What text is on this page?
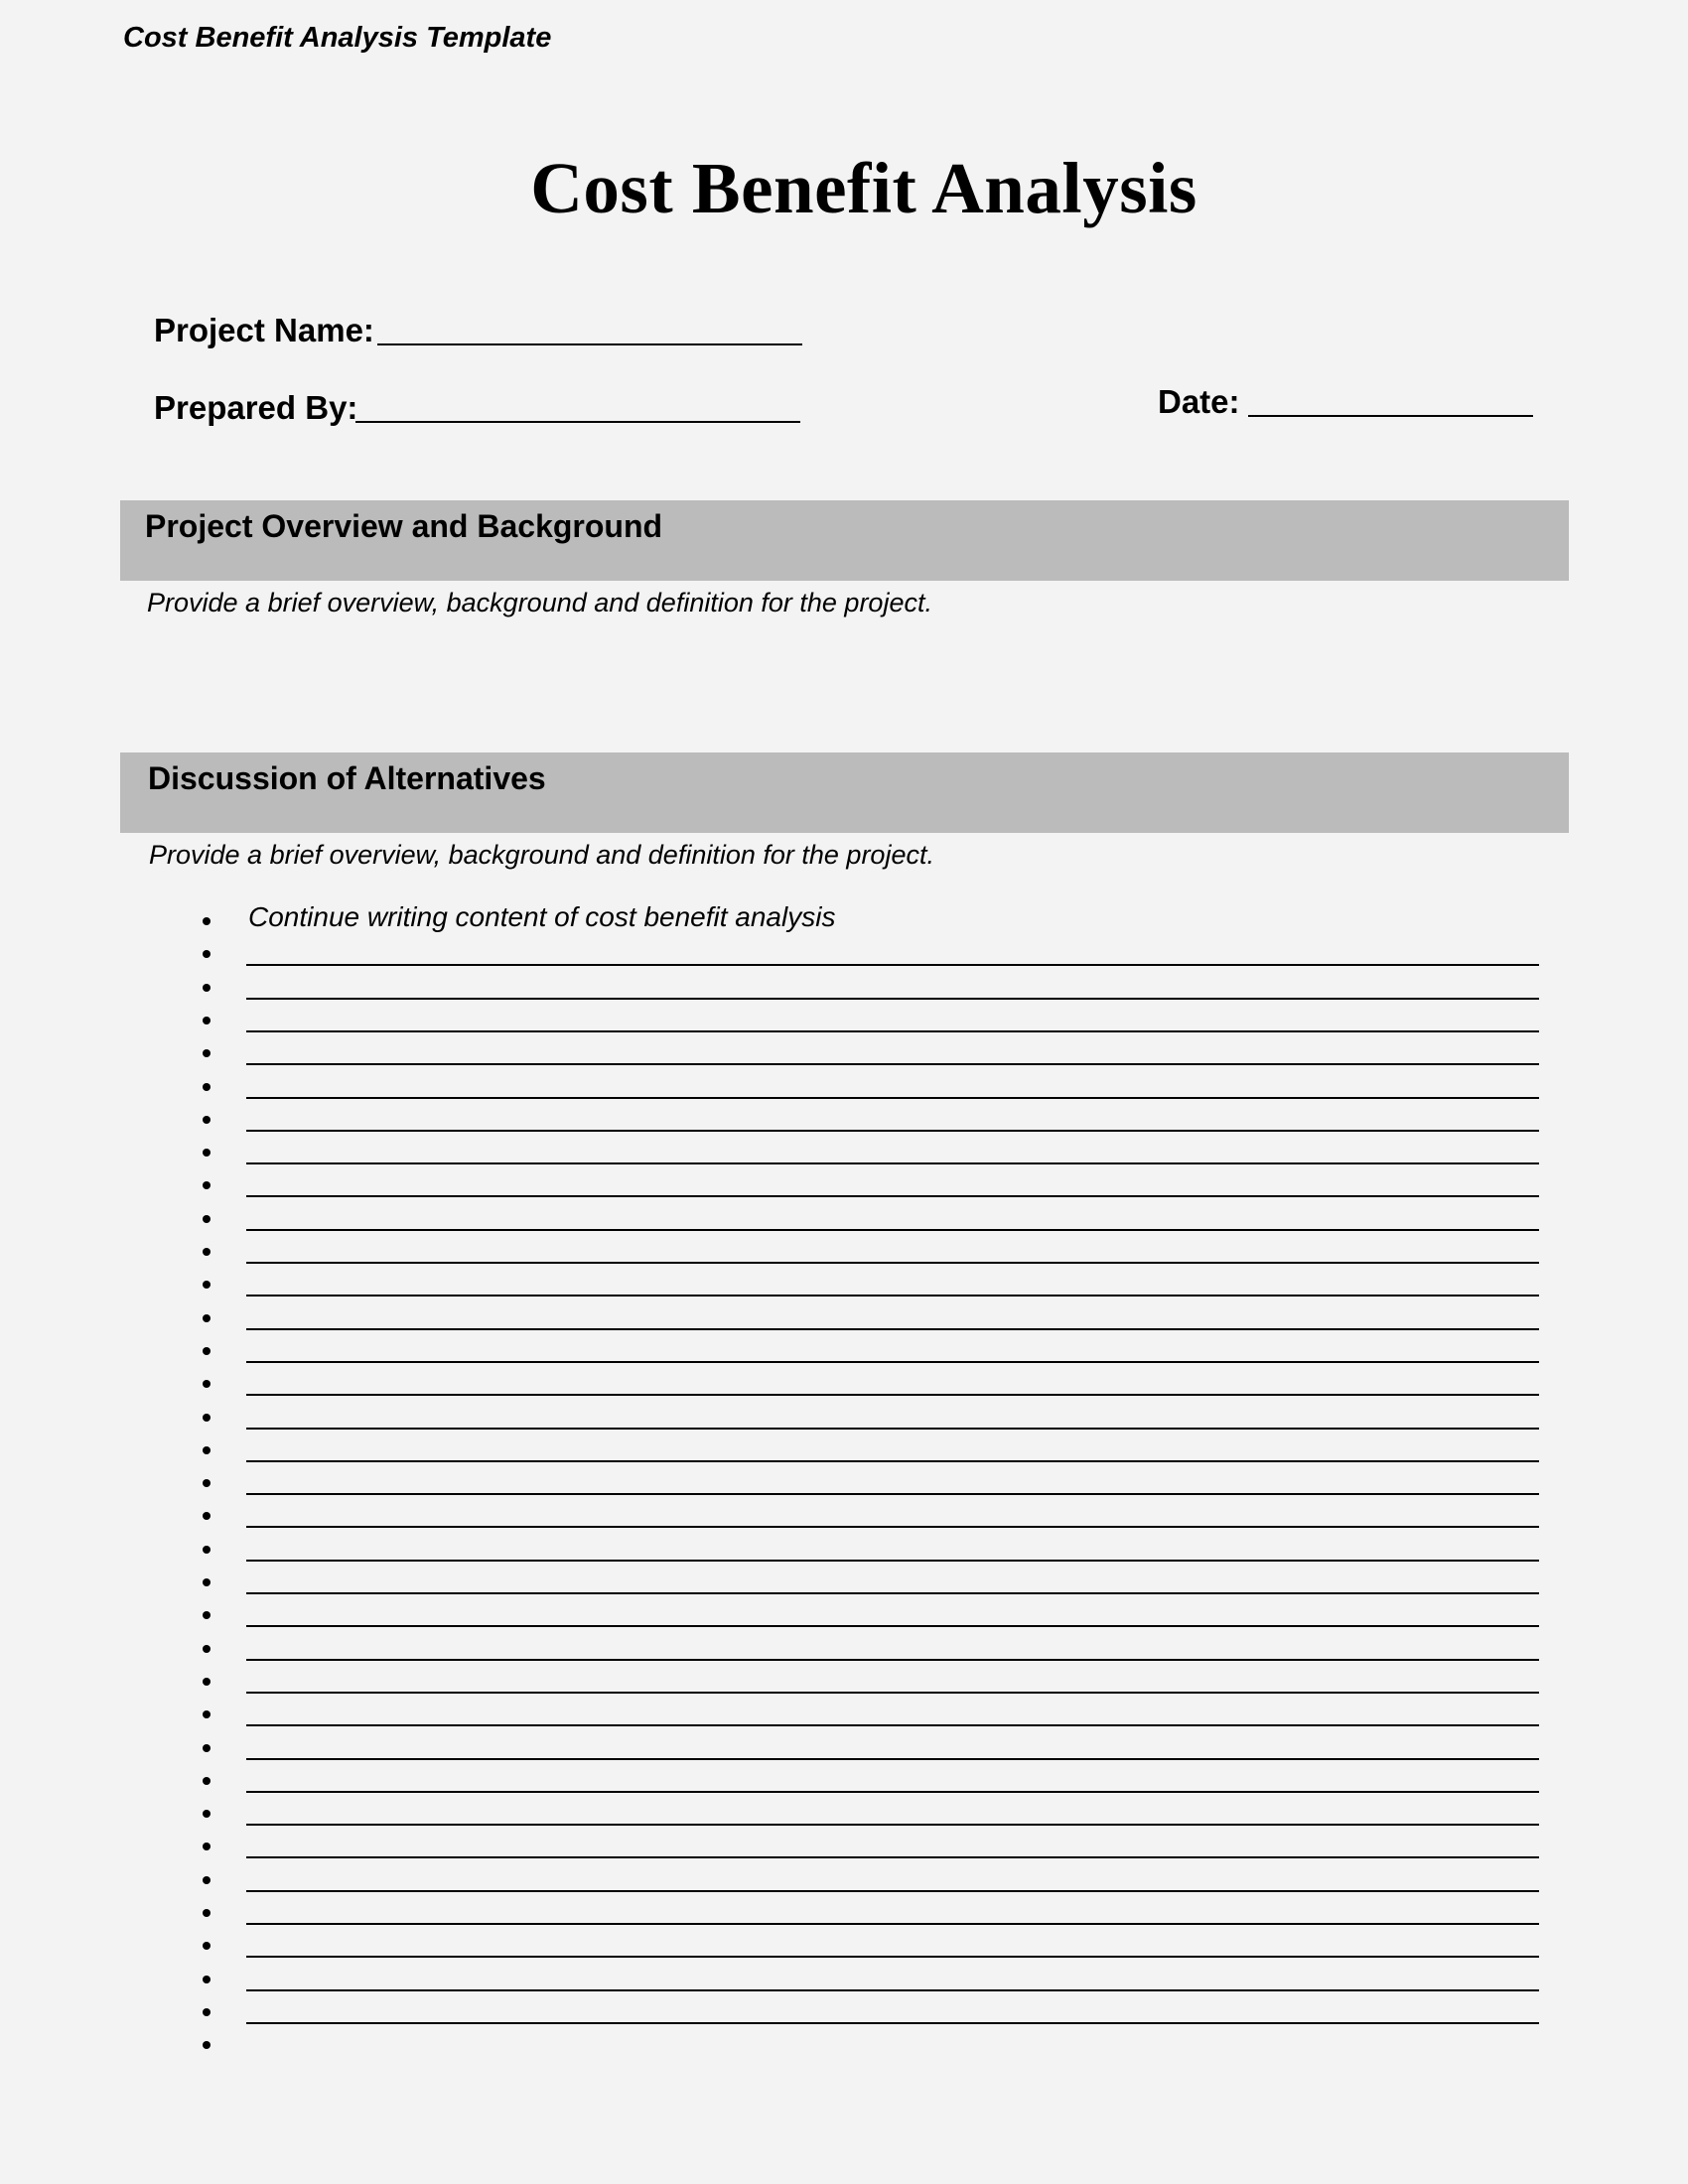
Cost Benefit Analysis Template
Cost Benefit Analysis
Project Name:
Prepared By:	Date:
Project Overview and Background
Provide a brief overview, background and definition for the project.
Discussion of Alternatives
Provide a brief overview, background and definition for the project.
Continue writing content of cost benefit analysis
